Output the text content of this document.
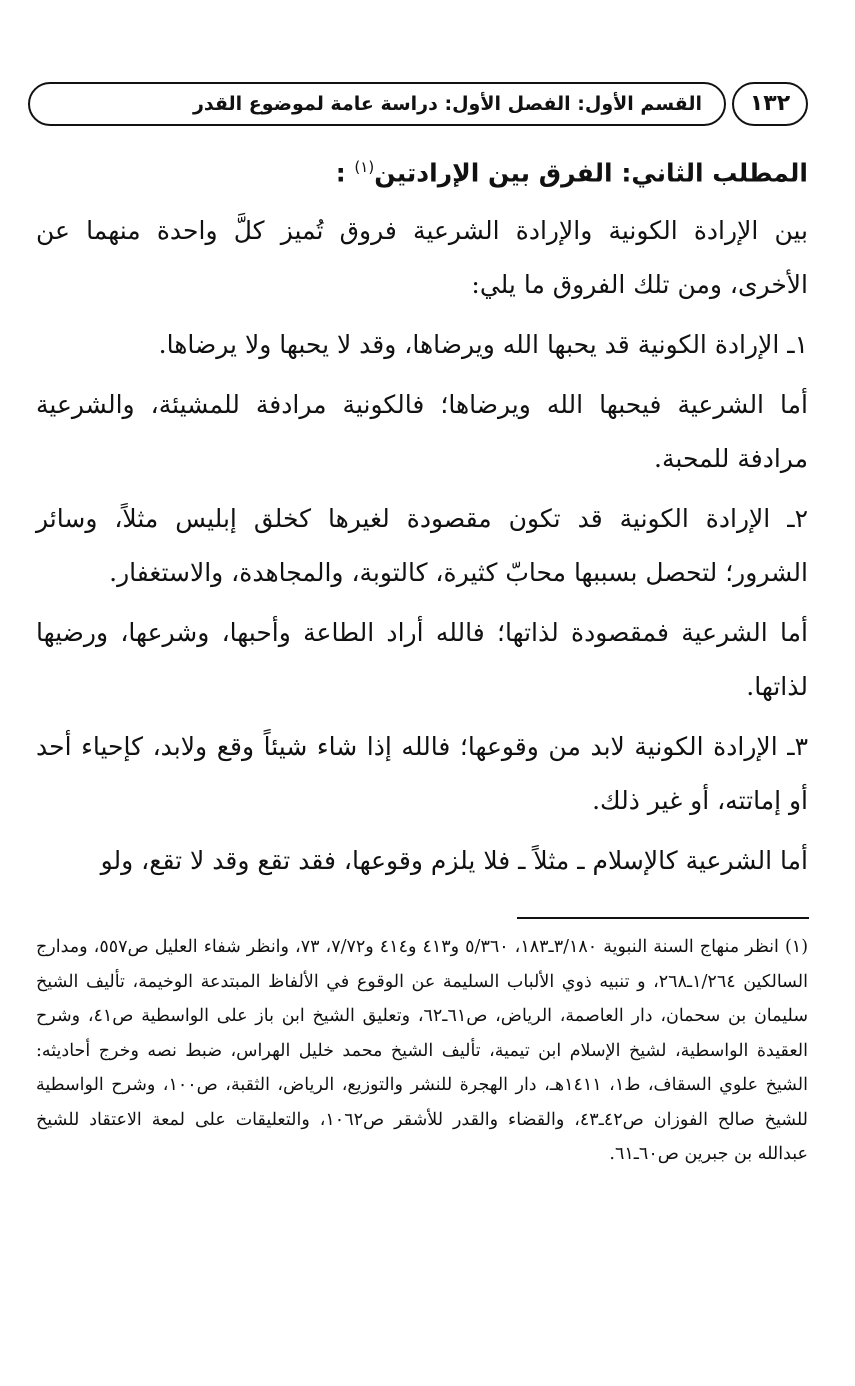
القسم الأول: الفصل الأول: دراسة عامة لموضوع القدر	١٣٢
المطلب الثاني: الفرق بين الإرادتين$^{(١)}$ :

بين الإرادة الكونية والإرادة الشرعية فروق تُميز كلَّ واحدة منهما عن الأخرى، ومن تلك الفروق ما يلي:

١ـ الإرادة الكونية قد يحبها الله ويرضاها، وقد لا يحبها ولا يرضاها.

أما الشرعية فيحبها الله ويرضاها؛ فالكونية مرادفة للمشيئة، والشرعية مرادفة للمحبة.

٢ـ الإرادة الكونية قد تكون مقصودة لغيرها كخلق إبليس مثلاً، وسائر الشرور؛ لتحصل بسببها محابّ كثيرة، كالتوبة، والمجاهدة، والاستغفار.

أما الشرعية فمقصودة لذاتها؛ فالله أراد الطاعة وأحبها، وشرعها، ورضيها لذاتها.

٣ـ الإرادة الكونية لابد من وقوعها؛ فالله إذا شاء شيئاً وقع ولابد، كإحياء أحد أو إماتته، أو غير ذلك.

أما الشرعية كالإسلام ـ مثلاً ـ فلا يلزم وقوعها، فقد تقع وقد لا تقع، ولو

(١) انظر منهاج السنة النبوية ٣/١٨٠ـ١٨٣، ٥/٣٦٠ و٤١٣ و٤١٤ و٧/٧٢، ٧٣، وانظر شفاء العليل ص٥٥٧، ومدارج السالكين ١/٢٦٤ـ٢٦٨، و تنبيه ذوي الألباب السليمة عن الوقوع في الألفاظ المبتدعة الوخيمة، تأليف الشيخ سليمان بن سحمان، دار العاصمة، الرياض، ص٦١ـ٦٢، وتعليق الشيخ ابن باز على الواسطية ص٤١، وشرح العقيدة الواسطية، لشيخ الإسلام ابن تيمية، تأليف الشيخ محمد خليل الهراس، ضبط نصه وخرج أحاديثه: الشيخ علوي السقاف، ط١، ١٤١١هـ، دار الهجرة للنشر والتوزيع، الرياض، الثقبة، ص١٠٠، وشرح الواسطية للشيخ صالح الفوزان ص٤٢ـ٤٣، والقضاء والقدر للأشقر ص١٠٦٢، والتعليقات على لمعة الاعتقاد للشيخ عبدالله بن جبرين ص٦٠ـ٦١.
